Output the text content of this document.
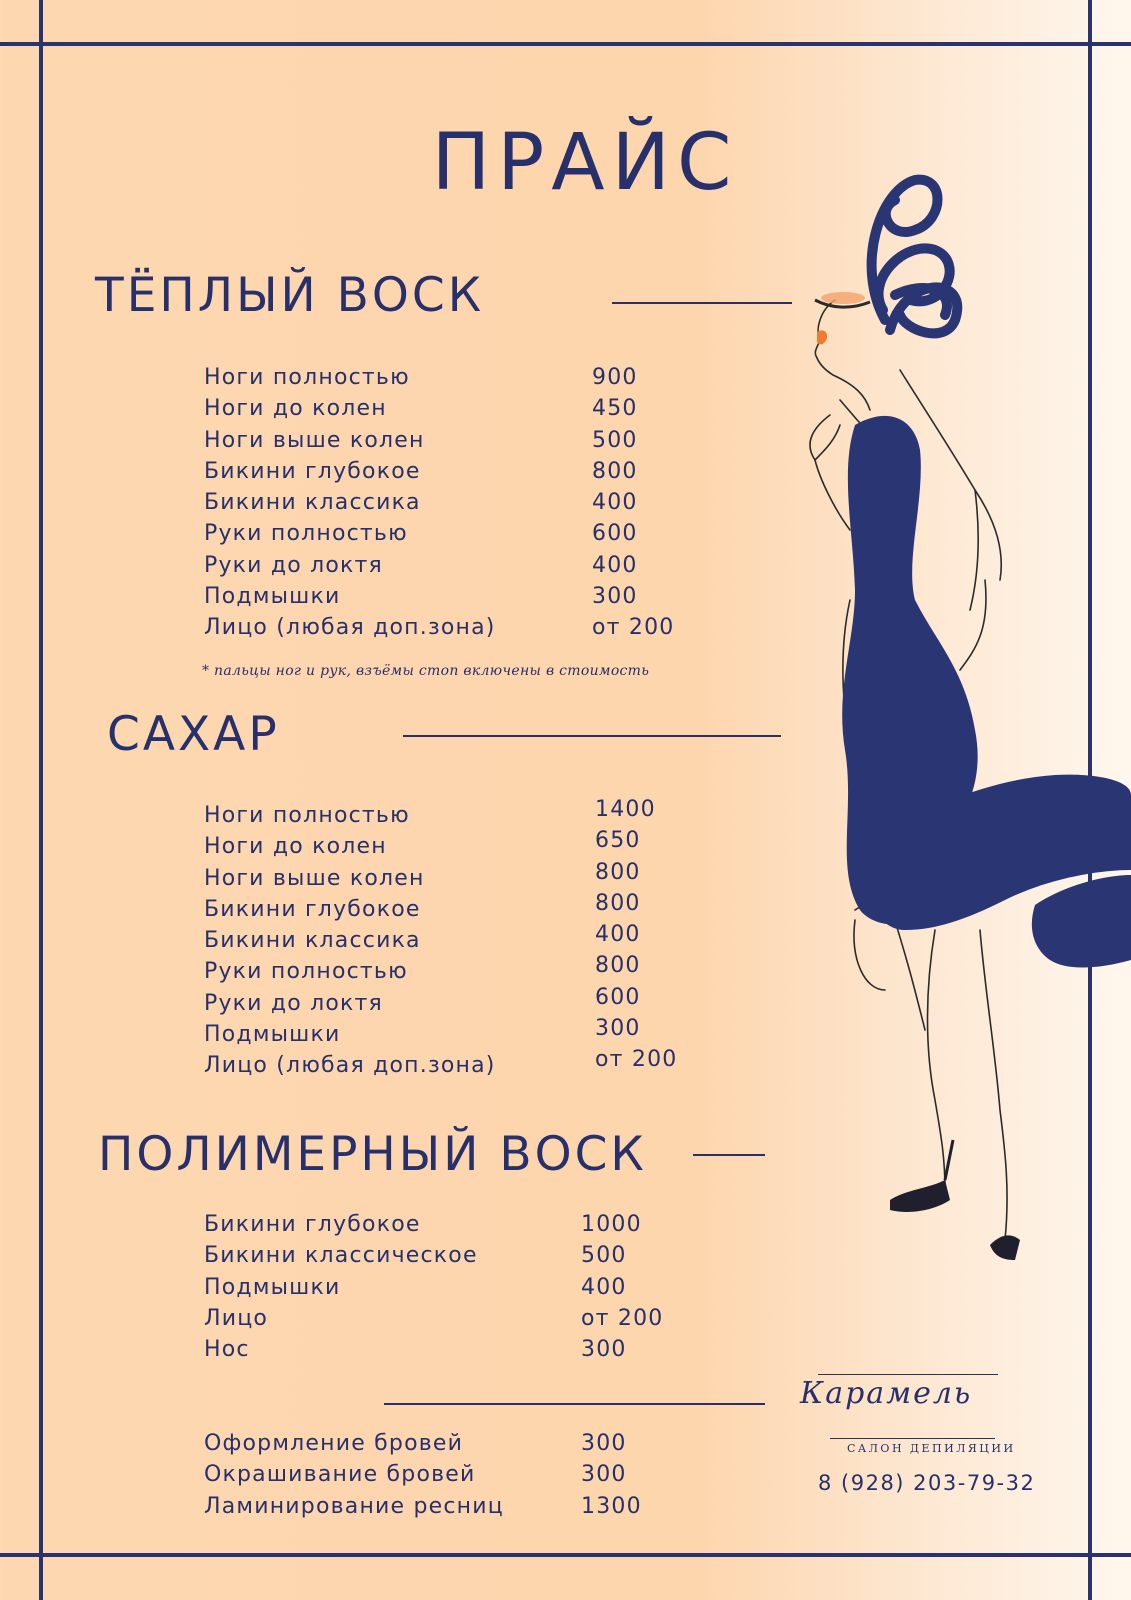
ПРАЙС
ТЁПЛЫЙ ВОСК
Ноги полностью	900
Ноги до колен	450
Ноги выше колен	500
Бикини глубокое	800
Бикини классика	400
Руки полностью	600
Руки до локтя	400
Подмышки	300
Лицо (любая доп.зона)	от 200
* пальцы ног и рук, взъёмы стоп включены в стоимость
САХАР
Ноги полностью	1400
Ноги до колен	650
Ноги выше колен	800
Бикини глубокое	800
Бикини классика	400
Руки полностью	800
Руки до локтя	600
Подмышки	300
Лицо (любая доп.зона)	от 200
ПОЛИМЕРНЫЙ ВОСК
Бикини глубокое	1000
Бикини классическое	500
Подмышки	400
Лицо	от 200
Нос	300
Оформление бровей	300
Окрашивание бровей	300
Ламинирование ресниц	1300
Карамель
САЛОН ДЕПИЛЯЦИИ
8 (928) 203-79-32
